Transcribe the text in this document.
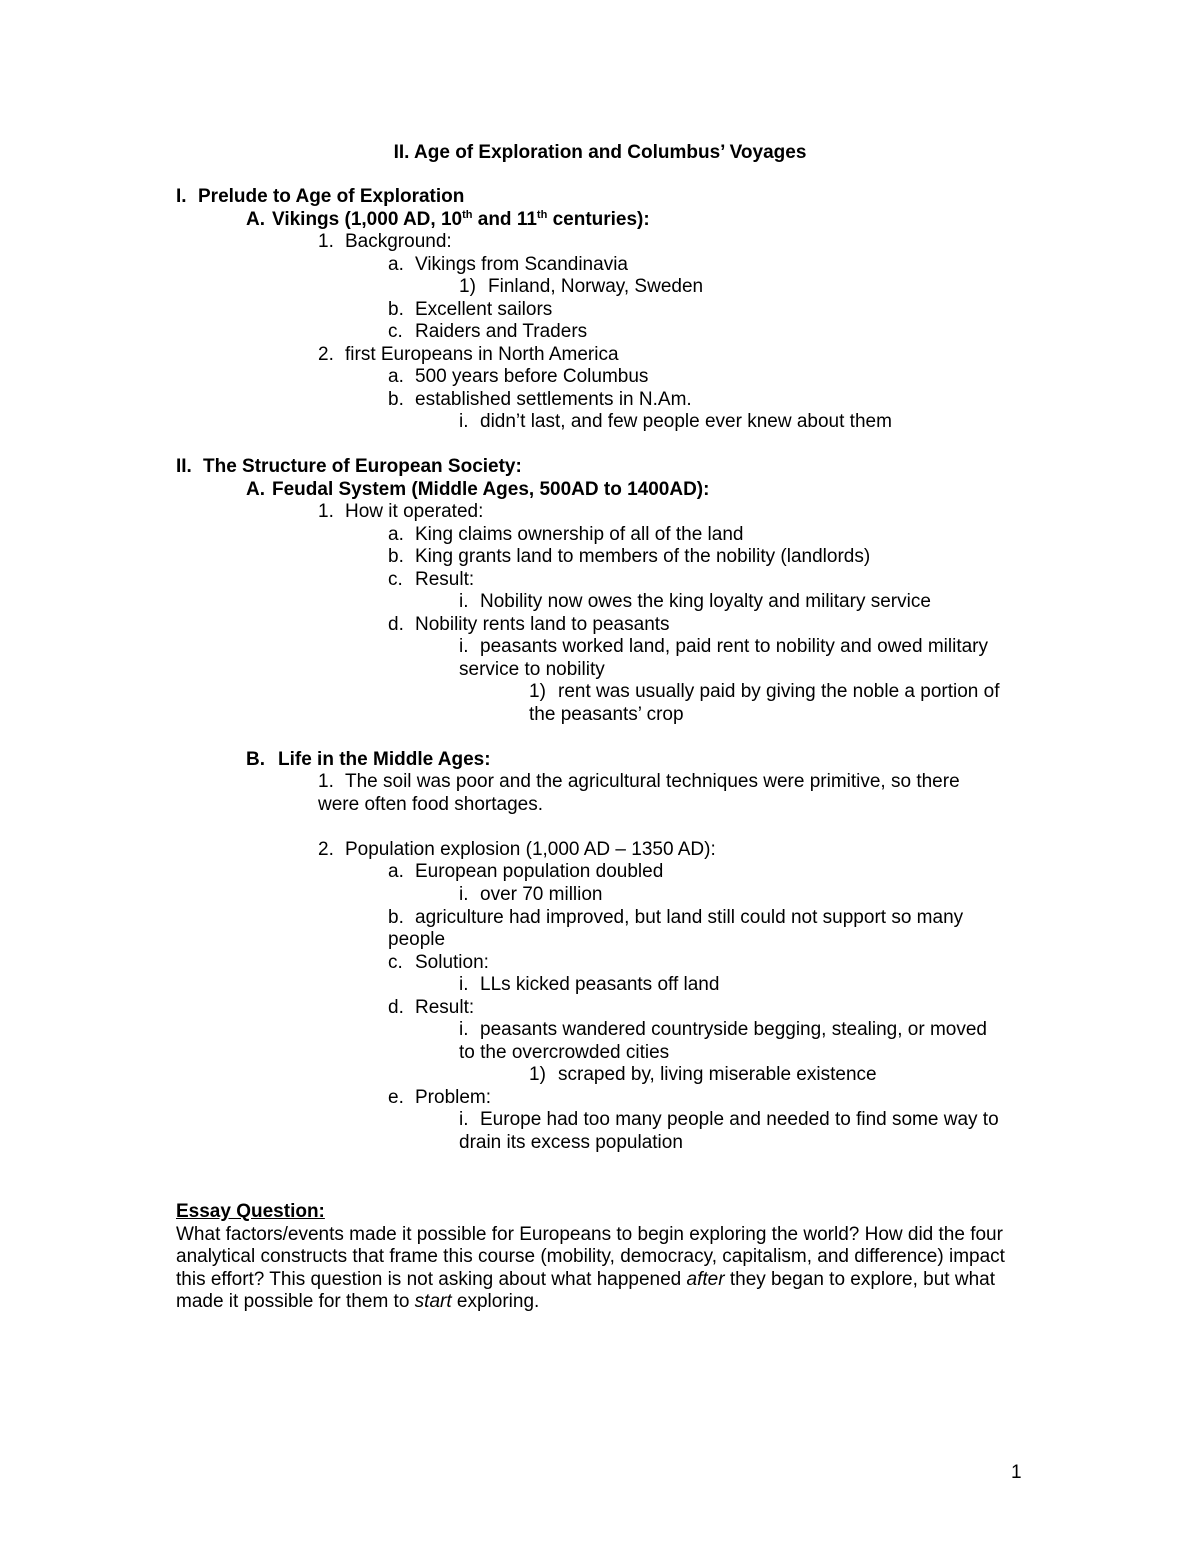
II. Age of Exploration and Columbus’ Voyages
I. Prelude to Age of Exploration
A. Vikings (1,000 AD, 10th and 11th centuries):
1. Background:
a. Vikings from Scandinavia
1) Finland, Norway, Sweden
b. Excellent sailors
c. Raiders and Traders
2. first Europeans in North America
a. 500 years before Columbus
b. established settlements in N.Am.
i. didn’t last, and few people ever knew about them
II. The Structure of European Society:
A. Feudal System (Middle Ages, 500AD to 1400AD):
1. How it operated:
a. King claims ownership of all of the land
b. King grants land to members of the nobility (landlords)
c. Result:
i. Nobility now owes the king loyalty and military service
d. Nobility rents land to peasants
i. peasants worked land, paid rent to nobility and owed military
service to nobility
1) rent was usually paid by giving the noble a portion of
the peasants’ crop
B. Life in the Middle Ages:
1. The soil was poor and the agricultural techniques were primitive, so there
were often food shortages.
2. Population explosion (1,000 AD – 1350 AD):
a. European population doubled
i. over 70 million
b. agriculture had improved, but land still could not support so many
people
c. Solution:
i. LLs kicked peasants off land
d. Result:
i. peasants wandered countryside begging, stealing, or moved
to the overcrowded cities
1) scraped by, living miserable existence
e. Problem:
i. Europe had too many people and needed to find some way to
drain its excess population
Essay Question:
What factors/events made it possible for Europeans to begin exploring the world? How did the four analytical constructs that frame this course (mobility, democracy, capitalism, and difference) impact this effort? This question is not asking about what happened after they began to explore, but what made it possible for them to start exploring.
1
